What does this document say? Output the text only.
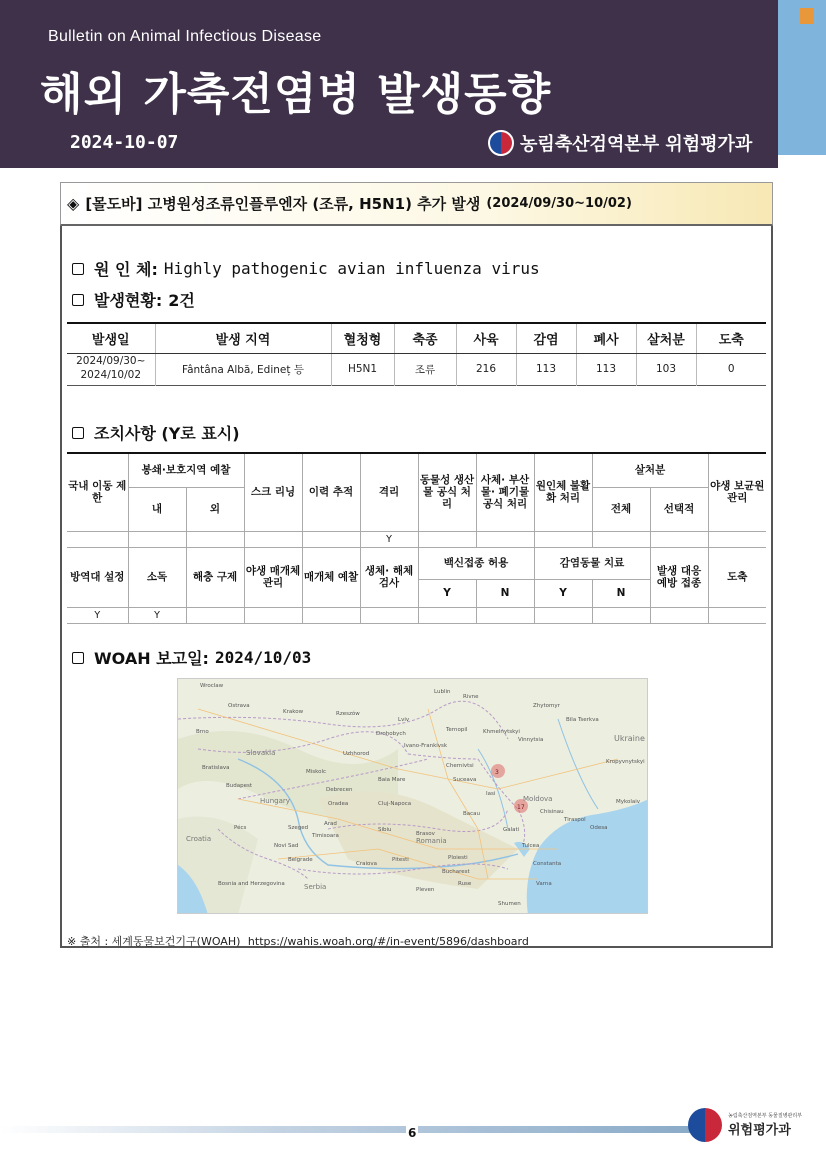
Bulletin on Animal Infectious Disease
해외 가축전염병 발생동향
2024-10-07	농림축산검역본부 위험평가과
◈ [몰도바] 고병원성조류인플루엔자 (조류, H5N1) 추가 발생 (2024/09/30~10/02)
원 인 체: Highly pathogenic avian influenza virus
발생현황: 2건
발생일	발생 지역	혈청형	축종	사육	감염	폐사	살처분	도축
2024/09/30~ 2024/10/02	Fântâna Albă, Edineț 등	H5N1	조류	216	113	113	103	0
조치사항 (Y로 표시)
국내 이동 제한	봉쇄·보호지역 예찰		스크 리닝	이력 추적	격리	동물성 생산물 공식 처리	사체· 부산물· 폐기물 공식 처리	원인체 불활화 처리	살처분		야생 보균원 관리
	내	외							전체	선택적	
					Y						
방역대 설정	소독	해충 구제	야생 매개체 관리	매개체 예찰	생체· 해체 검사	백신접종 허용		감염동물 치료		발생 대응 예방 접종	도축
						Y	N	Y	N		
Y	Y										
WOAH 보고일: 2024/10/03
3
17
Wroclaw
Lublin
Rivne
Zhytomyr
Ostrava
Krakow	Rzeszów
Lviv
Ternopil	Khmelnytskyi
Bila Tserkva
Brno	Drohobych
Ivano-Frankivsk
Vinnytsia	Ukraine
Slovakia	Uzhhorod
Chernivtsi
Kropyvnytskyi
Bratislava
Miskolc
Budapest
Debrecen
Baia Mare	Suceava
Moldova
Chisinau
Mykolaiv
Hungary	Oradea	Cluj-Napoca
Iasi
Bacau
Tiraspol
Odesa
Pécs	Szeged
Arad
Timisoara
Sibiu
Brasov
Galati
Croatia
Novi Sad
Romania
Tulcea
Belgrade
Craiova
Pitesti	Ploiesti
Constanta
Bucharest
Bosnia and Herzegovina	Serbia	Ruse	Varna
Pleven
Shumen
※ 출처 : 세계동물보건기구(WOAH) https://wahis.woah.org/#/in-event/5896/dashboard
6
농림축산검역본부 동물질병관리부
위험평가과
